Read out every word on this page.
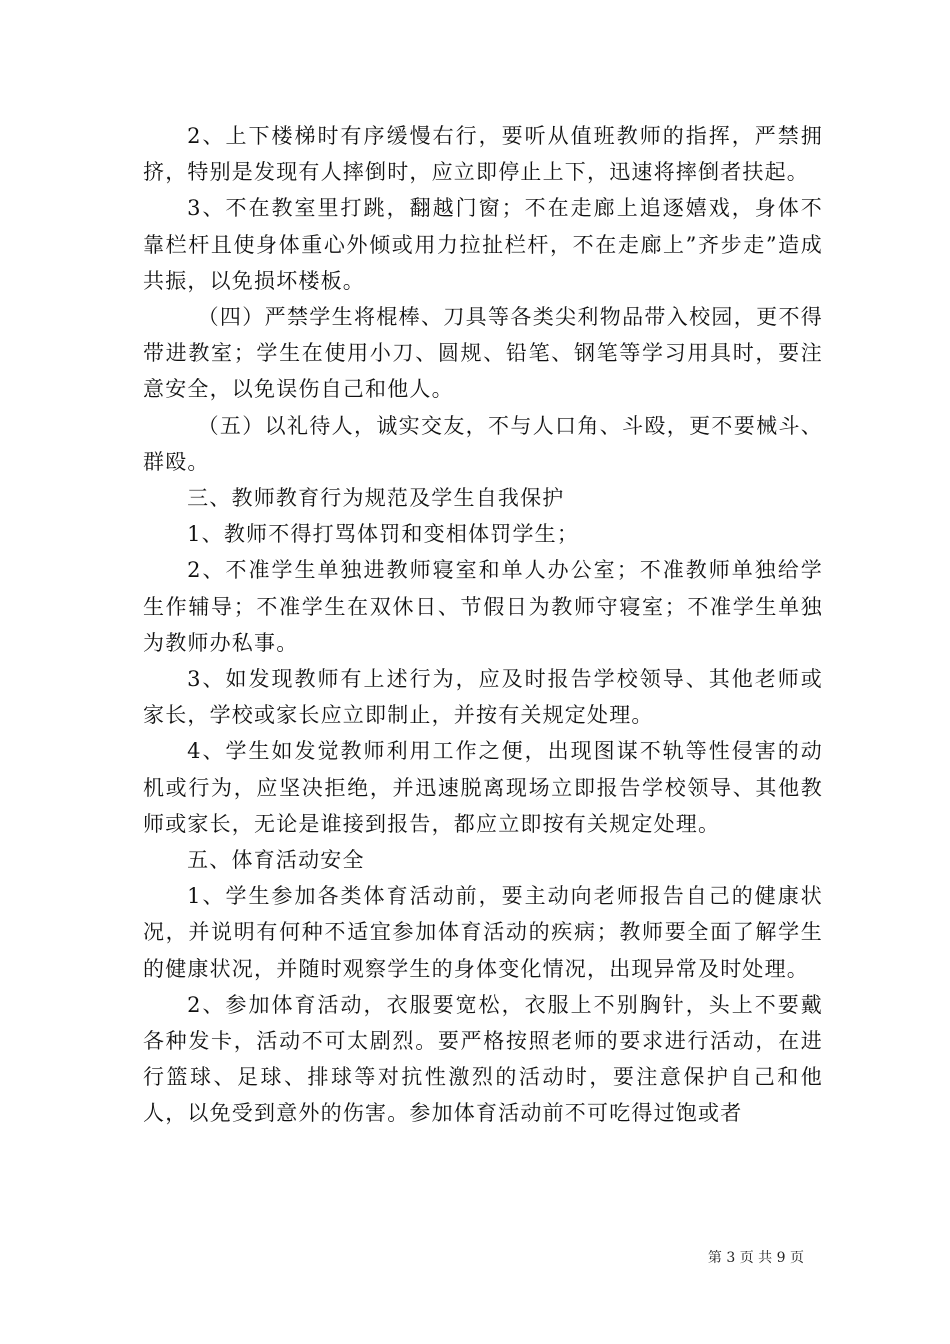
2、上下楼梯时有序缓慢右行，要听从值班教师的指挥，严禁拥挤，特别是发现有人摔倒时，应立即停止上下，迅速将摔倒者扶起。

3、不在教室里打跳，翻越门窗；不在走廊上追逐嬉戏，身体不靠栏杆且使身体重心外倾或用力拉扯栏杆，不在走廊上”齐步走”造成共振，以免损坏楼板。

（四）严禁学生将棍棒、刀具等各类尖利物品带入校园，更不得带进教室；学生在使用小刀、圆规、铅笔、钢笔等学习用具时，要注意安全，以免误伤自己和他人。

（五）以礼待人，诚实交友，不与人口角、斗殴，更不要械斗、群殴。

三、教师教育行为规范及学生自我保护

1、教师不得打骂体罚和变相体罚学生；

2、不准学生单独进教师寝室和单人办公室；不准教师单独给学生作辅导；不准学生在双休日、节假日为教师守寝室；不准学生单独为教师办私事。

3、如发现教师有上述行为，应及时报告学校领导、其他老师或家长，学校或家长应立即制止，并按有关规定处理。

4、学生如发觉教师利用工作之便，出现图谋不轨等性侵害的动机或行为，应坚决拒绝，并迅速脱离现场立即报告学校领导、其他教师或家长，无论是谁接到报告，都应立即按有关规定处理。

五、体育活动安全

1、学生参加各类体育活动前，要主动向老师报告自己的健康状况，并说明有何种不适宜参加体育活动的疾病；教师要全面了解学生的健康状况，并随时观察学生的身体变化情况，出现异常及时处理。

2、参加体育活动，衣服要宽松，衣服上不别胸针，头上不要戴各种发卡，活动不可太剧烈。要严格按照老师的要求进行活动，在进行篮球、足球、排球等对抗性激烈的活动时，要注意保护自己和他人，以免受到意外的伤害。参加体育活动前不可吃得过饱或者

第 3 页 共 9 页
